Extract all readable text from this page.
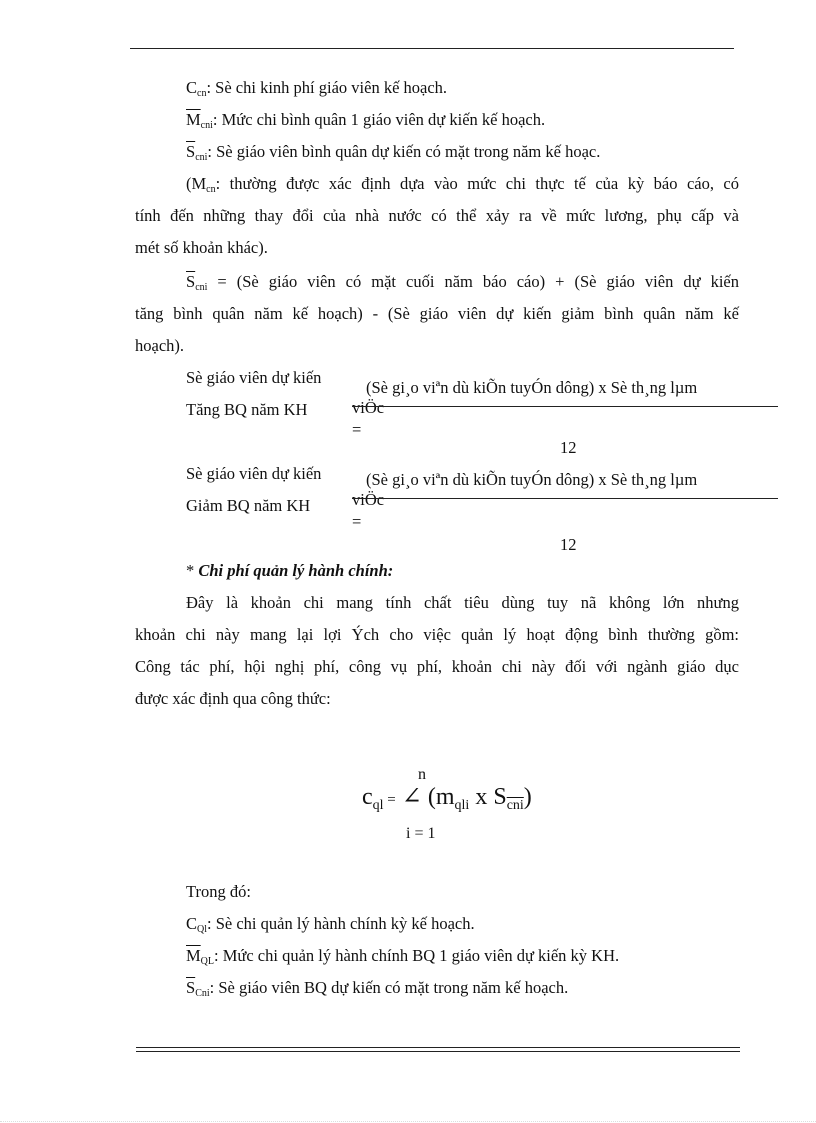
$C_{cn}$: Sè chi kinh phí giáo viên kế hoạch.
$\overline{M}_{cni}$: Mức chi bình quân 1 giáo viên dự kiến kế hoạch.
$\overline{S}_{cni}$: Sè giáo viên bình quân dự kiến có mặt trong năm kế hoạc.
($M_{cn}$: thường được xác định dựa vào mức chi thực tế của kỳ báo cáo, có
tính đến những thay đổi của nhà nước có thể xảy ra về mức lương, phụ cấp và
mét số khoản khác).
$\overline{S}_{cni}$ = (Sè giáo viên có mặt cuối năm báo cáo) + (Sè giáo viên dự kiến
tăng bình quân năm kế hoạch) - (Sè giáo viên dự kiến giảm bình quân năm kế
hoạch).
Sè giáo viên dự kiến
Tăng BQ năm KH
(Sè gi¸o viªn dù kiÕn tuyÓn dông) x Sè th¸ng lµm
viÖc
=
12
Sè giáo viên dự kiến
Giảm BQ năm KH
(Sè gi¸o viªn dù kiÕn tuyÓn dông) x Sè th¸ng lµm
viÖc
=
12
* Chi phí quản lý hành chính:
Đây là khoản chi mang tính chất tiêu dùng tuy nã không lớn nhưng
khoản chi này mang lại lợi Ých cho việc quản lý hoạt động bình thường gồm:
Công tác phí, hội nghị phí, công vụ phí, khoản chi này đối với ngành giáo dục
được xác định qua công thức:
n
$c_{ql}$ = ∠ ($m_{qli}$ x $S_{\overline{cni}}$)
i = 1
Trong đó:
$C_{Ql}$: Sè chi quản lý hành chính kỳ kế hoạch.
$\overline{M}_{QL}$: Mức chi quản lý hành chính BQ 1 giáo viên dự kiến kỳ KH.
$\overline{S}_{Cni}$: Sè giáo viên BQ dự kiến có mặt trong năm kế hoạch.
